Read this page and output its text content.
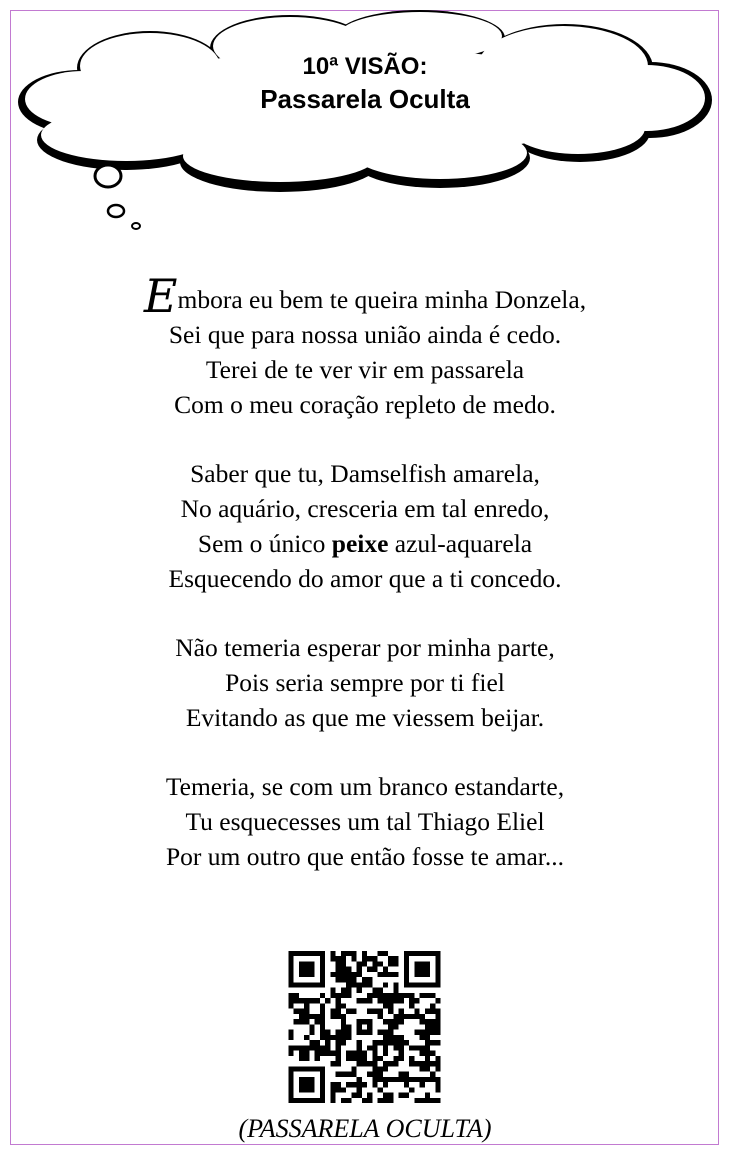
10ª VISÃO:
Passarela Oculta
Embora eu bem te queira minha Donzela,
Sei que para nossa união ainda é cedo.
Terei de te ver vir em passarela
Com o meu coração repleto de medo.
Saber que tu, Damselfish amarela,
No aquário, cresceria em tal enredo,
Sem o único peixe azul-aquarela
Esquecendo do amor que a ti concedo.
Não temeria esperar por minha parte,
Pois seria sempre por ti fiel
Evitando as que me viessem beijar.
Temeria, se com um branco estandarte,
Tu esquecesses um tal Thiago Eliel
Por um outro que então fosse te amar...
(PASSARELA OCULTA)
